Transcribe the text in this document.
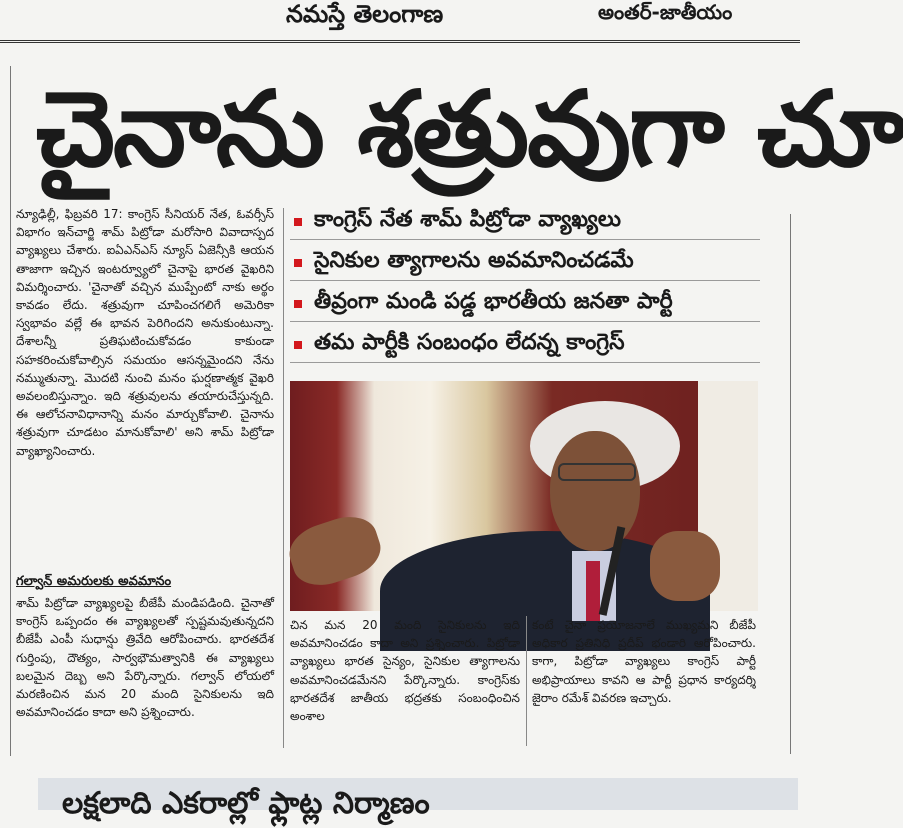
నమస్తే తెలంగాణ	అంతర్-జాతీయం
చైనాను శత్రువుగా చూ
న్యూఢిల్లీ, ఫిబ్రవరి 17: కాంగ్రెస్ సీనియర్ నేత, ఓవర్సీస్ విభాగం ఇన్‌చార్జి శామ్ పిట్రోడా మరోసారి వివాదాస్పద వ్యాఖ్యలు చేశారు. ఐఏఎన్ఎస్ న్యూస్ ఏజెన్సీకి ఆయన తాజాగా ఇచ్చిన ఇంటర్వ్యూలో చైనాపై భారత వైఖరిని విమర్శించారు. 'చైనాతో వచ్చిన ముప్పేంటో నాకు అర్థం కావడం లేదు. శత్రువుగా చూపించగలిగే అమెరికా స్వభావం వల్లే ఈ భావన పెరిగిందని అనుకుంటున్నా. దేశాలన్నీ ప్రతిఘటించుకోవడం కాకుండా సహకరించుకోవాల్సిన సమయం ఆసన్నమైందని నేను నమ్ముతున్నా. మొదటి నుంచి మనం ఘర్షణాత్మక వైఖరి అవలంబిస్తున్నాం. ఇది శత్రువులను తయారుచేస్తున్నది. ఈ ఆలోచనావిధానాన్ని మనం మార్చుకోవాలి. చైనాను శత్రువుగా చూడటం మానుకోవాలి' అని శామ్ పిట్రోడా వ్యాఖ్యానించారు.
గల్వాన్ అమరులకు అవమానం
శామ్ పిట్రోడా వ్యాఖ్యలపై బీజేపీ మండిపడింది. చైనాతో కాంగ్రెస్ ఒప్పందం ఈ వ్యాఖ్యలతో స్పష్టమవుతున్నదని బీజేపీ ఎంపీ సుధాన్షు త్రివేది ఆరోపించారు. భారతదేశ గుర్తింపు, దౌత్యం, సార్వభౌమత్వానికి ఈ వ్యాఖ్యలు బలమైన దెబ్బ అని పేర్కొన్నారు. గల్వాన్ లోయలో మరణించిన మన 20 మంది సైనికులను ఇది అవమానించడం కాదా అని ప్రశ్నించారు.
కాంగ్రెస్ నేత శామ్ పిట్రోడా వ్యాఖ్యలు
సైనికుల త్యాగాలను అవమానించడమే
తీవ్రంగా మండి పడ్డ భారతీయ జనతా పార్టీ
తమ పార్టీకి సంబంధం లేదన్న కాంగ్రెస్
చిన మన 20 మంది సైనికులను ఇది అవమానించడం కాదా అని ప్రశ్నించారు. పిట్రోడా వ్యాఖ్యలు భారత సైన్యం, సైనికుల త్యాగాలను అవమానించడమేనని పేర్కొన్నారు. కాంగ్రెస్‌కు భారతదేశ జాతీయ భద్రతకు సంబంధించిన అంశాల
కంటే చైనా ప్రయోజనాలే ముఖ్యమని బీజేపీ అధికార ప్రతినిధి ప్రదీప్ భండారి ఆరోపించారు. కాగా, పిట్రోడా వ్యాఖ్యలు కాంగ్రెస్ పార్టీ అభిప్రాయాలు కావని ఆ పార్టీ ప్రధాన కార్యదర్శి జైరాం రమేశ్ వివరణ ఇచ్చారు.
లక్షలాది ఎకరాల్లో ఫ్లాట్ల నిర్మాణం
